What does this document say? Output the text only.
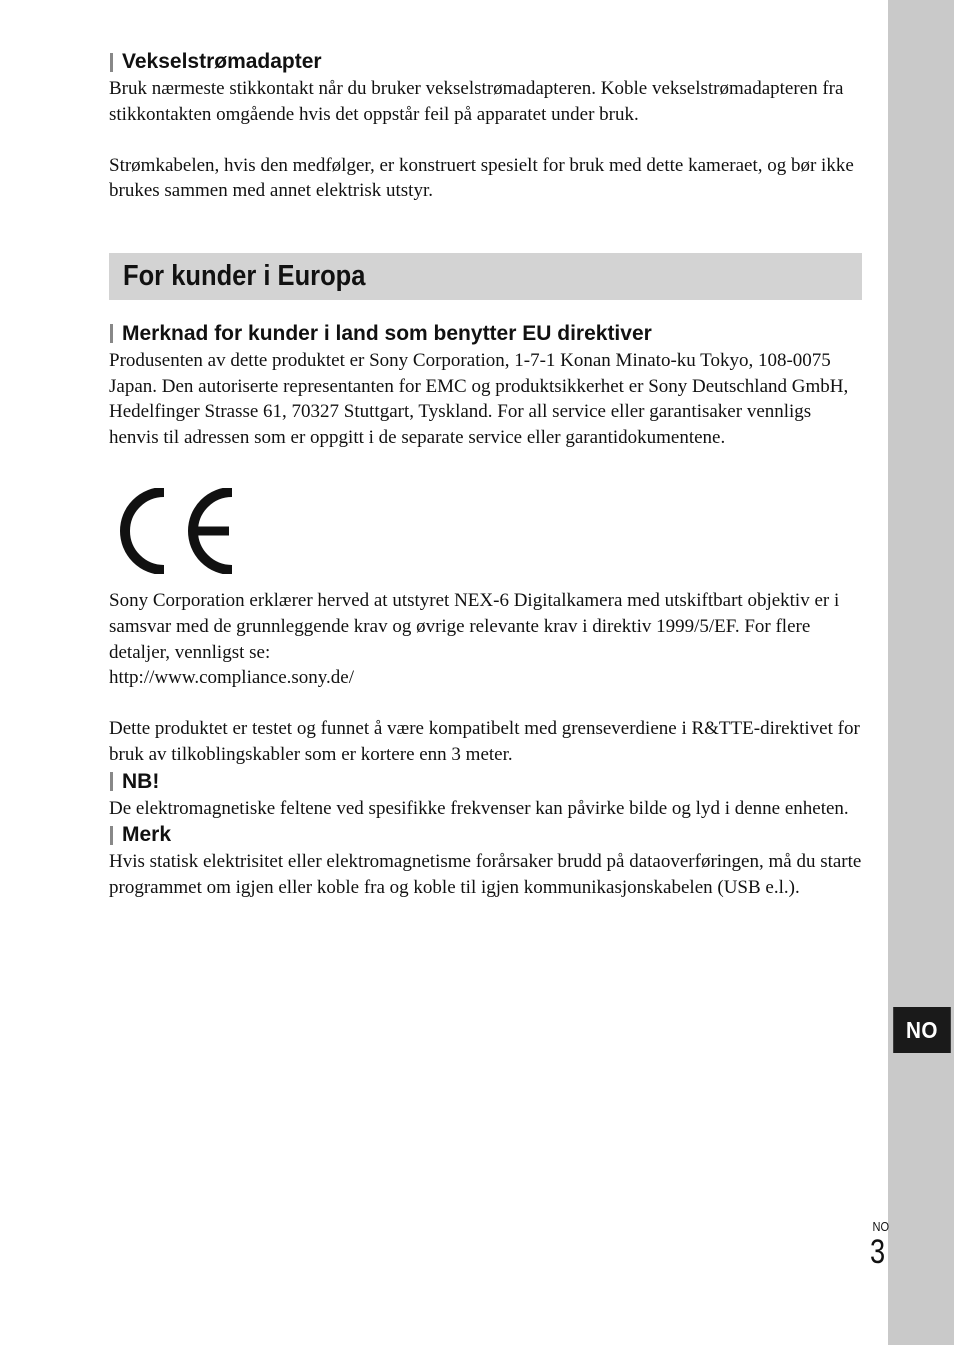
NO
Vekselstrømadapter

Bruk nærmeste stikkontakt når du bruker vekselstrømadapteren. Koble vekselstrømadapteren fra stikkontakten omgående hvis det oppstår feil på apparatet under bruk.

Strømkabelen, hvis den medfølger, er konstruert spesielt for bruk med dette kameraet, og bør ikke brukes sammen med annet elektrisk utstyr.

For kunder i Europa
Merknad for kunder i land som benytter EU direktiver

Produsenten av dette produktet er Sony Corporation, 1-7-1 Konan Minato-ku Tokyo, 108-0075 Japan. Den autoriserte representanten for EMC og produktsikkerhet er Sony Deutschland GmbH, Hedelfinger Strasse 61, 70327 Stuttgart, Tyskland. For all service eller garantisaker vennligs henvis til adressen som er oppgitt i de separate service eller garantidokumentene.

Sony Corporation erklærer herved at utstyret NEX-6 Digitalkamera med utskiftbart objektiv er i samsvar med de grunnleggende krav og øvrige relevante krav i direktiv 1999/5/EF. For flere detaljer, vennligst se:

http://www.compliance.sony.de/

Dette produktet er testet og funnet å være kompatibelt med grenseverdiene i R&TTE-direktivet for bruk av tilkoblingskabler som er kortere enn 3 meter.

NB!

De elektromagnetiske feltene ved spesifikke frekvenser kan påvirke bilde og lyd i denne enheten.

Merk

Hvis statisk elektrisitet eller elektromagnetisme forårsaker brudd på dataoverføringen, må du starte programmet om igjen eller koble fra og koble til igjen kommunikasjonskabelen (USB e.l.).

NO
3
